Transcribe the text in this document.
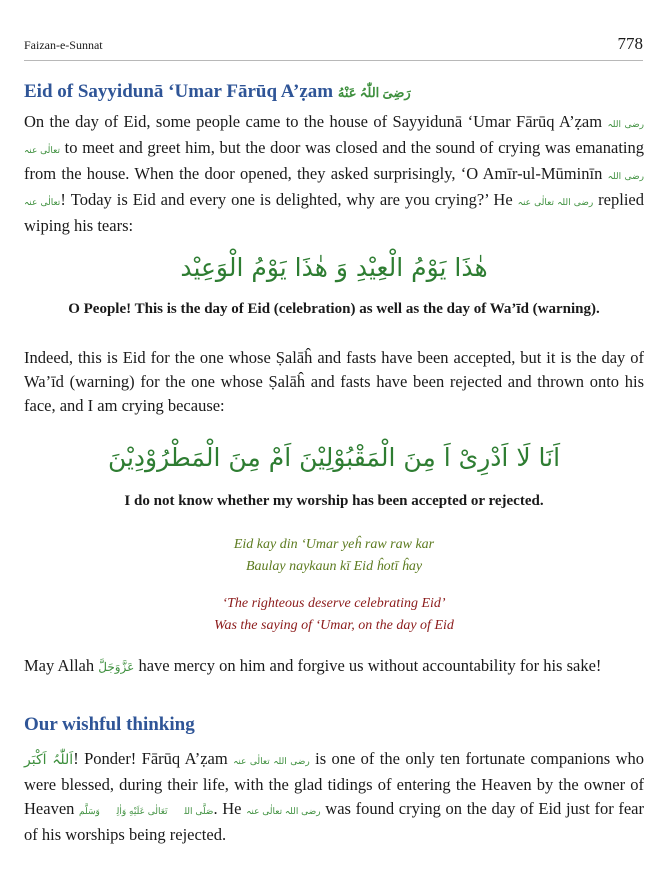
Faizan-e-Sunnat	778
Eid of Sayyidunā ‘Umar Fārūq A’ẓam رَضِیَ اللّٰہُ عَنْهُ

On the day of Eid, some people came to the house of Sayyidunā ‘Umar Fārūq A’ẓam رضی اللہ تعالٰی عنہ to meet and greet him, but the door was closed and the sound of crying was emanating from the house. When the door opened, they asked surprisingly, ‘O Amīr-ul-Mūminīn رضی اللہ تعالٰی عنہ! Today is Eid and every one is delighted, why are you crying?’ He رضی اللہ تعالٰی عنہ replied wiping his tears:

هٰذَا يَوْمُ الْعِيْدِ وَ هٰذَا يَوْمُ الْوَعِيْد
O People! This is the day of Eid (celebration) as well as the day of Wa’īd (warning).

Indeed, this is Eid for the one whose Ṣalāĥ and fasts have been accepted, but it is the day of Wa’īd (warning) for the one whose Ṣalāĥ and fasts have been rejected and thrown onto his face, and I am crying because:

اَنَا لَا اَدْرِیْ اَ مِنَ الْمَقْبُوْلِيْنَ اَمْ مِنَ الْمَطْرُوْدِيْنَ
I do not know whether my worship has been accepted or rejected.
Eid kay din ‘Umar yeĥ raw raw kar
Baulay naykaun kī Eid ĥotī ĥay
‘The righteous deserve celebrating Eid’
Was the saying of ‘Umar, on the day of Eid

May Allah عَزَّوَجَلَّ have mercy on him and forgive us without accountability for his sake!

Our wishful thinking

اَللّٰہُ اَکْبَر! Ponder! Fārūq A’ẓam رضی اللہ تعالٰی عنہ is one of the only ten fortunate companions who were blessed, during their life, with the glad tidings of entering the Heaven by the owner of Heaven صَلَّی اللہُ تَعَالٰی عَلَیْهِ وَاٰلِهٖ وَسَلَّم. He رضی اللہ تعالٰی عنہ was found crying on the day of Eid just for fear of his worships being rejected.
